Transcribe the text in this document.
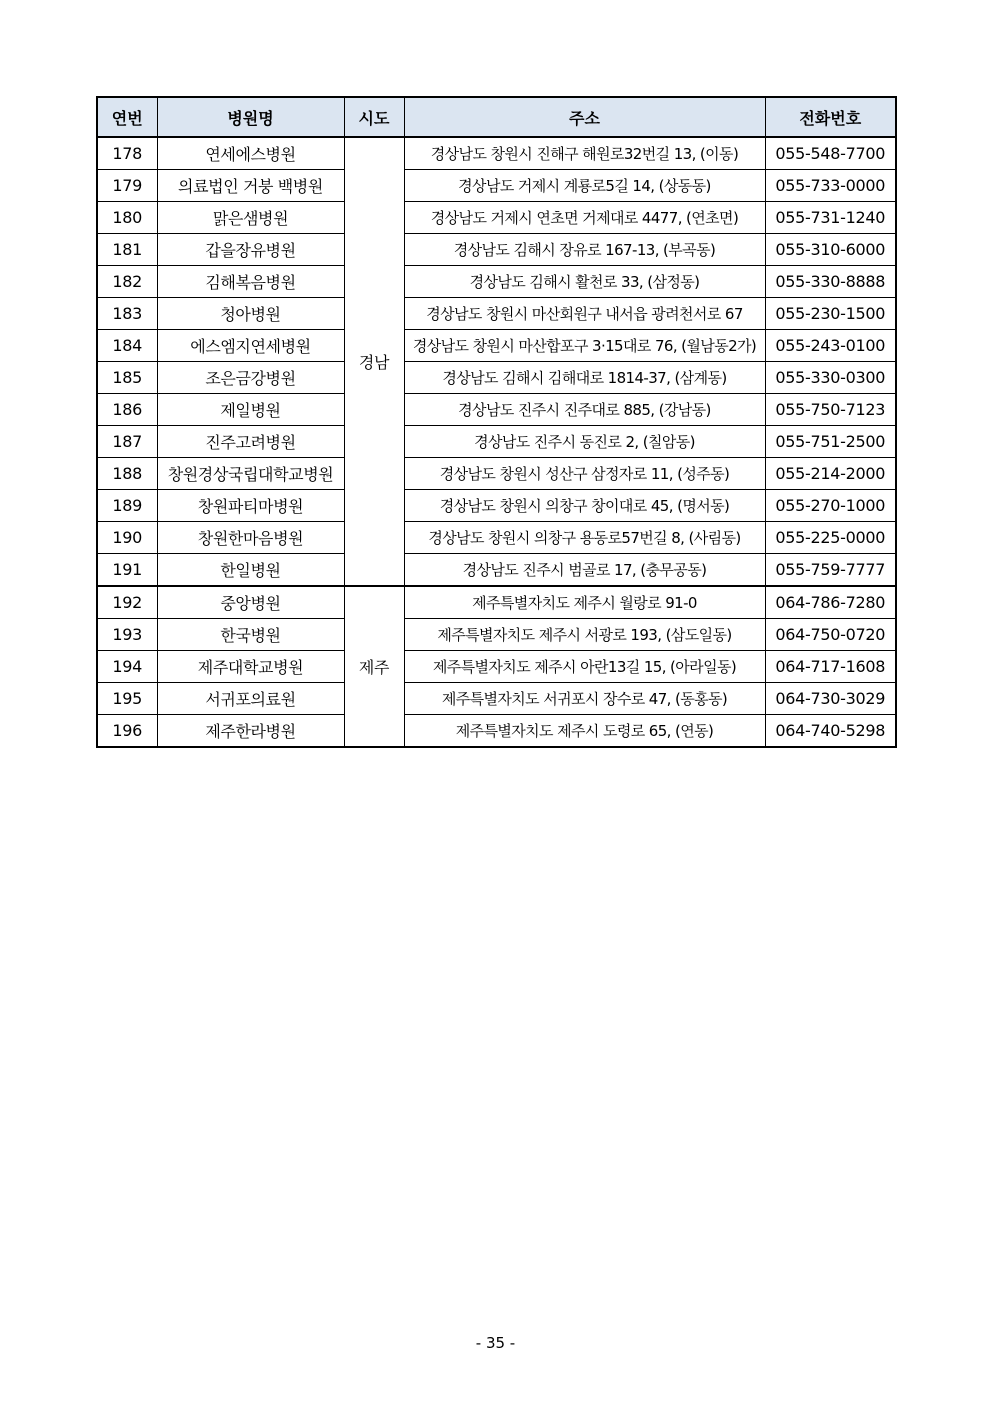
연번	병원명	시도	주소	전화번호
178	연세에스병원	경남	경상남도 창원시 진해구 해원로32번길 13, (이동)	055-548-7700
179	의료법인 거붕 백병원		경상남도 거제시 계룡로5길 14, (상동동)	055-733-0000
180	맑은샘병원		경상남도 거제시 연초면 거제대로 4477, (연초면)	055-731-1240
181	갑을장유병원		경상남도 김해시 장유로 167-13, (부곡동)	055-310-6000
182	김해복음병원		경상남도 김해시 활천로 33, (삼정동)	055-330-8888
183	청아병원		경상남도 창원시 마산회원구 내서읍 광려천서로 67	055-230-1500
184	에스엠지연세병원		경상남도 창원시 마산합포구 3·15대로 76, (월남동2가)	055-243-0100
185	조은금강병원		경상남도 김해시 김해대로 1814-37, (삼계동)	055-330-0300
186	제일병원		경상남도 진주시 진주대로 885, (강남동)	055-750-7123
187	진주고려병원		경상남도 진주시 동진로 2, (칠암동)	055-751-2500
188	창원경상국립대학교병원		경상남도 창원시 성산구 삼정자로 11, (성주동)	055-214-2000
189	창원파티마병원		경상남도 창원시 의창구 창이대로 45, (명서동)	055-270-1000
190	창원한마음병원		경상남도 창원시 의창구 용동로57번길 8, (사림동)	055-225-0000
191	한일병원		경상남도 진주시 범골로 17, (충무공동)	055-759-7777
192	중앙병원	제주	제주특별자치도 제주시 월랑로 91-0	064-786-7280
193	한국병원		제주특별자치도 제주시 서광로 193, (삼도일동)	064-750-0720
194	제주대학교병원		제주특별자치도 제주시 아란13길 15, (아라일동)	064-717-1608
195	서귀포의료원		제주특별자치도 서귀포시 장수로 47, (동홍동)	064-730-3029
196	제주한라병원		제주특별자치도 제주시 도령로 65, (연동)	064-740-5298
- 35 -
